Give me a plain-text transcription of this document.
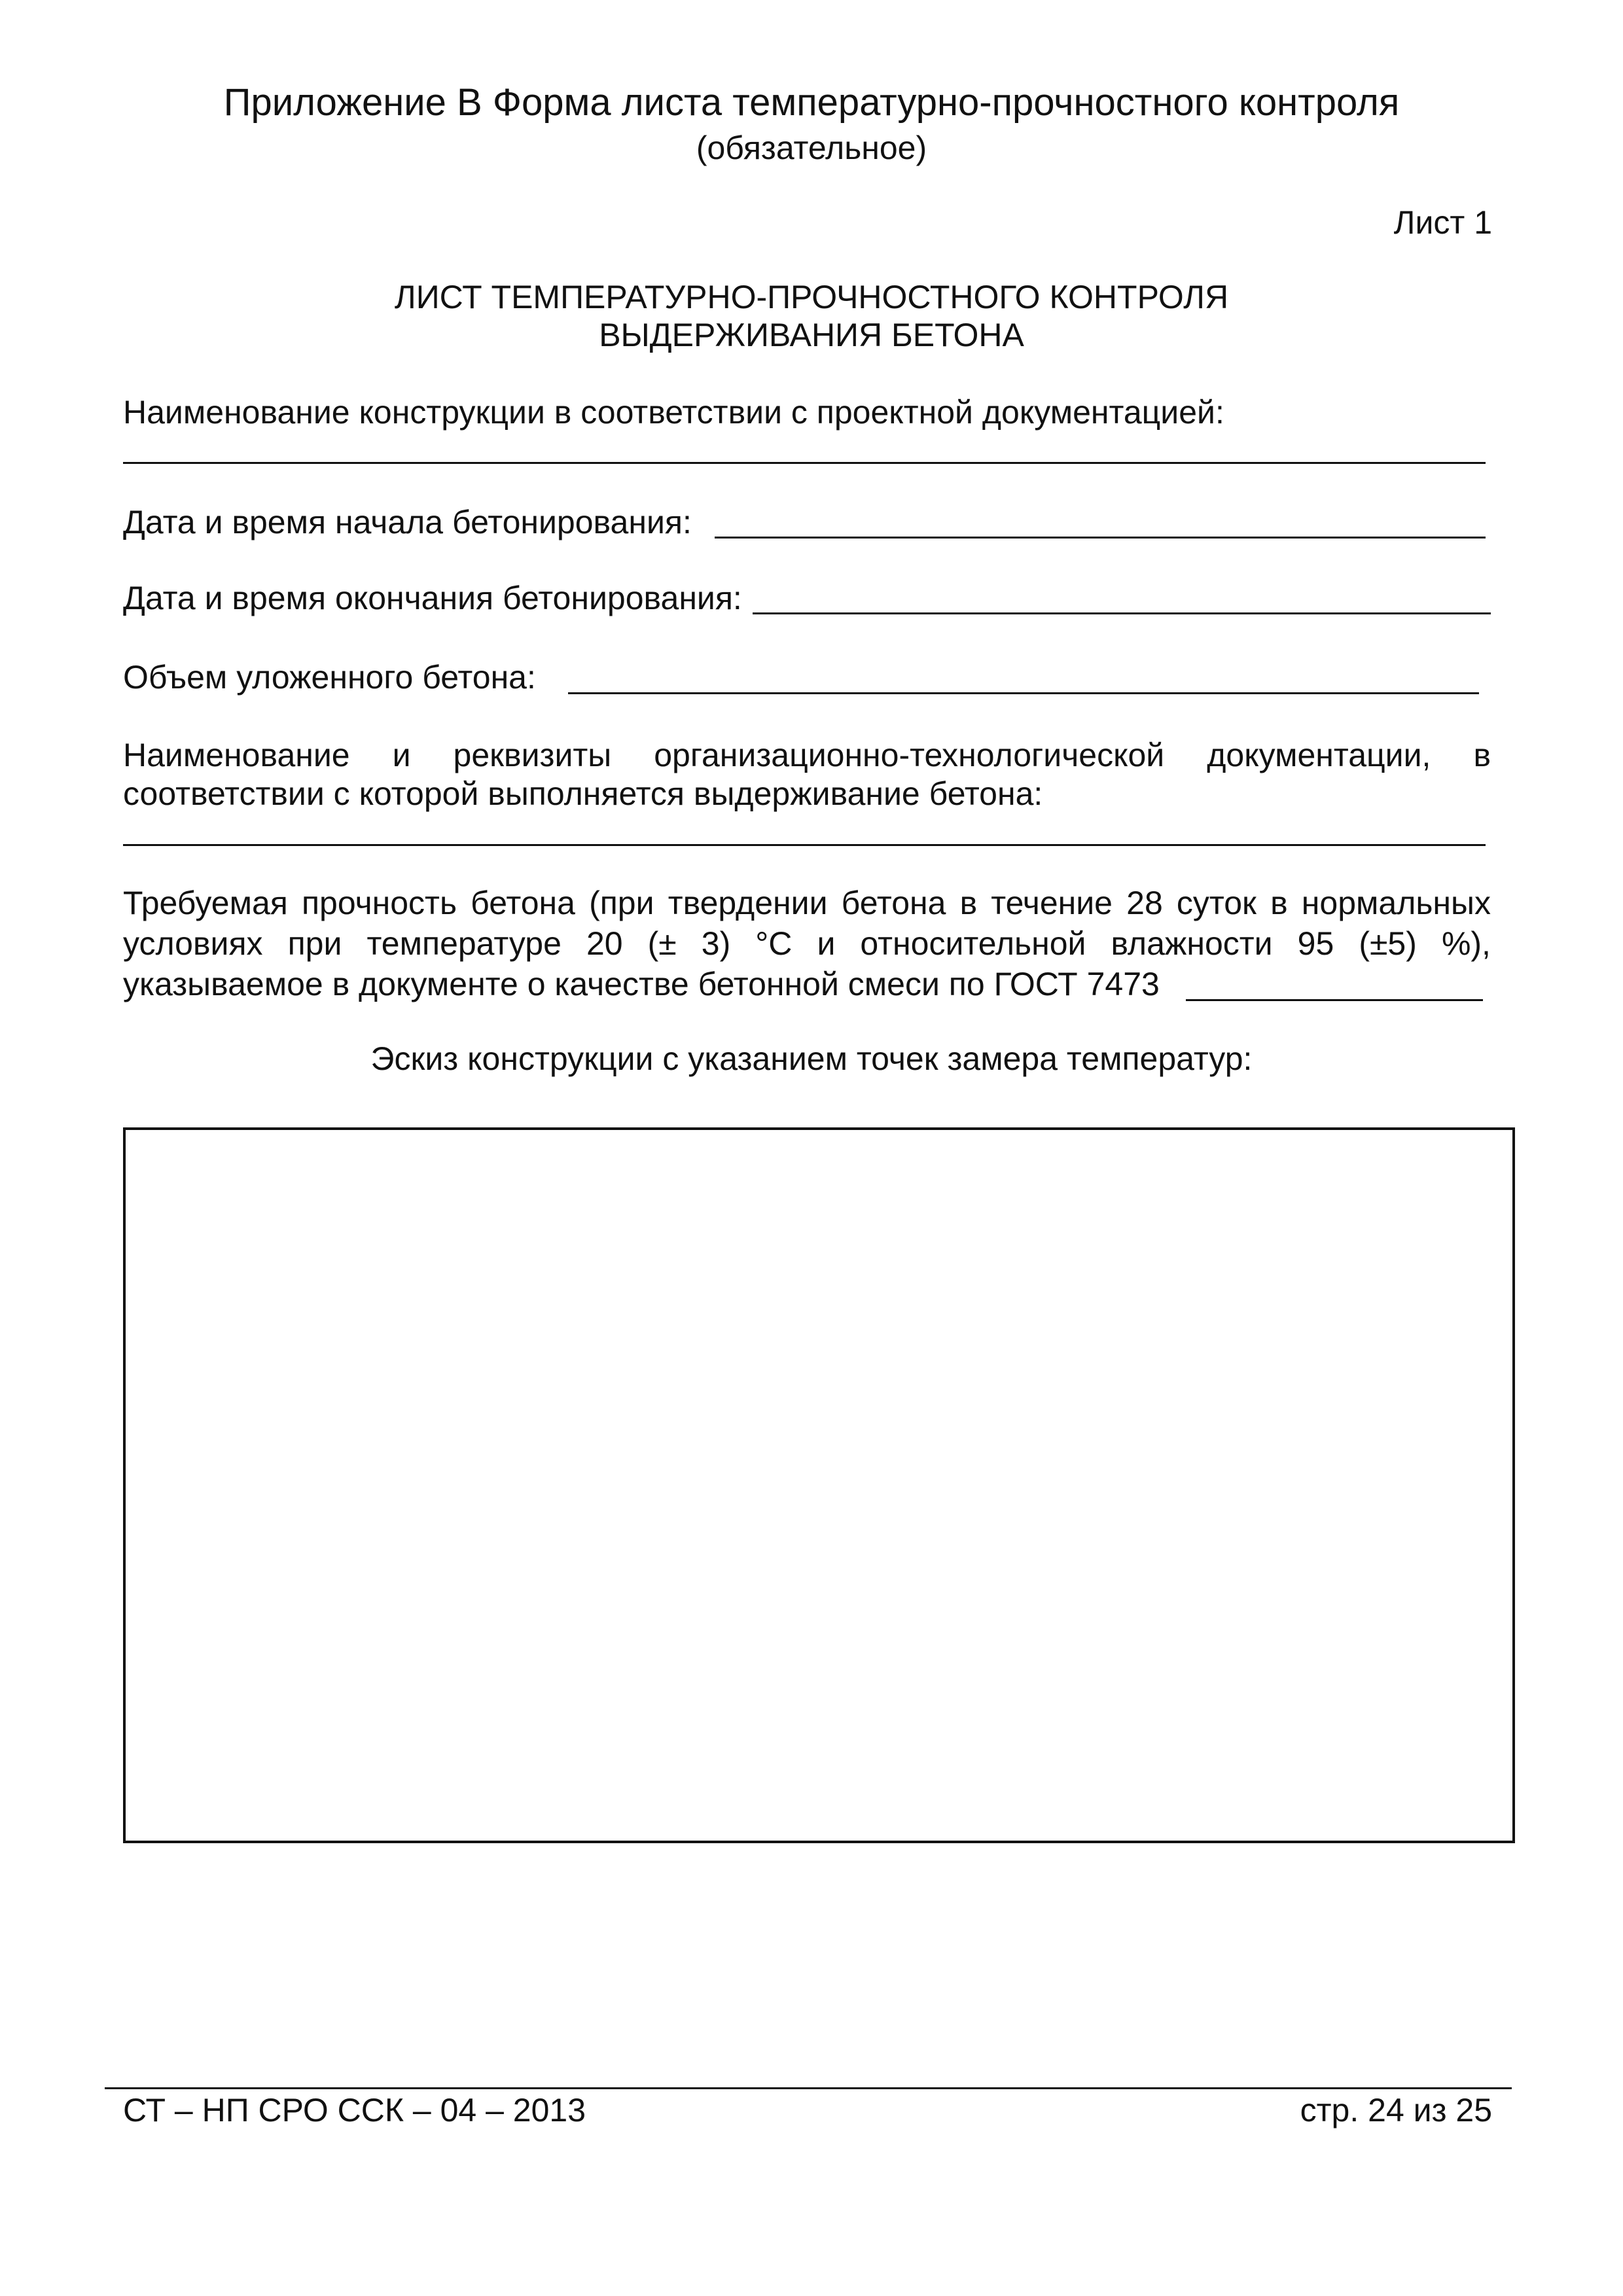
Приложение В Форма листа температурно-прочностного контроля
(обязательное)
Лист 1
ЛИСТ ТЕМПЕРАТУРНО-ПРОЧНОСТНОГО КОНТРОЛЯ
ВЫДЕРЖИВАНИЯ БЕТОНА
Наименование конструкции в соответствии с проектной документацией:
Дата и время начала бетонирования:
Дата и время окончания бетонирования:
Объем уложенного бетона:
Наименование и реквизиты организационно-технологической документации, в
соответствии с которой выполняется выдерживание бетона:
Требуемая прочность бетона (при твердении бетона в течение 28 суток в нормальных
условиях при температуре 20 (± 3) °С и относительной влажности 95 (±5) %),
указываемое в документе о качестве бетонной смеси по ГОСТ 7473
Эскиз конструкции с указанием точек замера температур:
СТ – НП СРО ССК – 04 – 2013	стр. 24 из 25
